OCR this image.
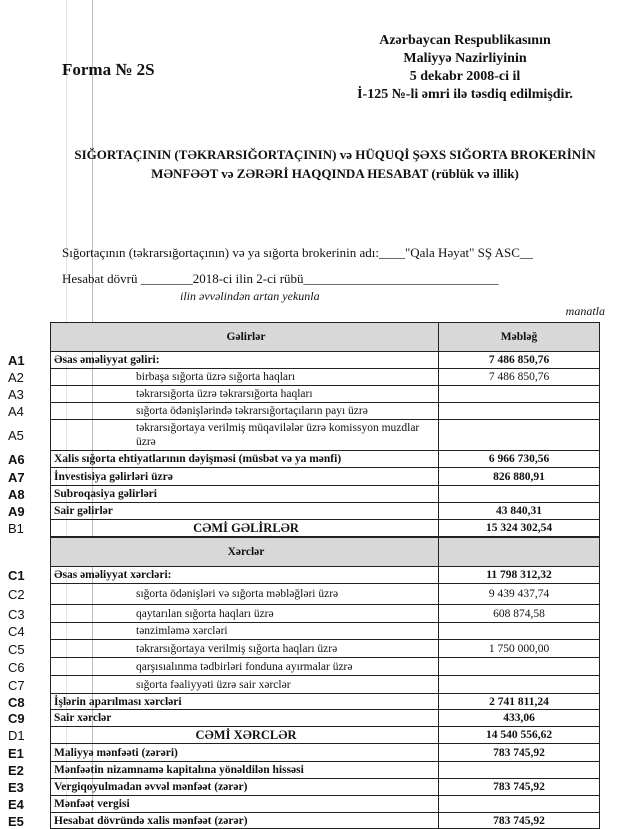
Forma № 2S
Azərbaycan Respublikasının
Maliyyə Nazirliyinin
5 dekabr 2008-ci il
İ-125 №-li əmri ilə təsdiq edilmişdir.
SIĞORTAÇININ (TƏKRARSIĞORTAÇININ) və HÜQUQİ ŞƏXS SIĞORTA BROKERİNİN
MƏNFƏƏT və ZƏRƏRİ HAQQINDA HESABAT (rüblük və illik)
Sığortaçının (təkrarsığortaçının) və ya sığorta brokerinin adı:____"Qala Həyat" SŞ ASC__
Hesabat dövrü ________2018-ci ilin 2-ci rübü______________________________
ilin əvvəlindən artan yekunla
manatla
Gəlirlər	Məbləğ
A1	Əsas əməliyyat gəliri:	7 486 850,76
A2	birbaşa sığorta üzrə sığorta haqları	7 486 850,76
A3	təkrarsığorta üzrə təkrarsığorta haqları
A4	sığorta ödənişlərində təkrarsığortaçıların payı üzrə
A5	təkrarsığortaya verilmiş müqavilələr üzrə komissyon muzdlar üzrə
A6	Xalis sığorta ehtiyatlarının dəyişməsi (müsbət və ya mənfi)	6 966 730,56
A7	İnvestisiya gəlirləri üzrə	826 880,91
A8	Subroqasiya gəlirləri
A9	Sair gəlirlər	43 840,31
B1	CƏMİ GƏLİRLƏR	15 324 302,54
Xərclər
C1	Əsas əməliyyat xərcləri:	11 798 312,32
C2	sığorta ödənişləri və sığorta məbləğləri üzrə	9 439 437,74
C3	qaytarılan sığorta haqları üzrə	608 874,58
C4	tənzimləmə xərcləri
C5	təkrarsığortaya verilmiş sığorta haqları üzrə	1 750 000,00
C6	qarşısıalınma tədbirləri fonduna ayırmalar üzrə
C7	sığorta fəaliyyəti üzrə sair xərclər
C8	İşlərin aparılması xərcləri	2 741 811,24
C9	Sair xərclər	433,06
D1	CƏMİ XƏRCLƏR	14 540 556,62
E1	Maliyyə mənfəəti (zərəri)	783 745,92
E2	Mənfəətin nizamnamə kapitalına yönəldilən hissəsi
E3	Vergiqoyulmadan əvvəl mənfəət (zərər)	783 745,92
E4	Mənfəət vergisi
E5	Hesabat dövründə xalis mənfəət (zərər)	783 745,92
